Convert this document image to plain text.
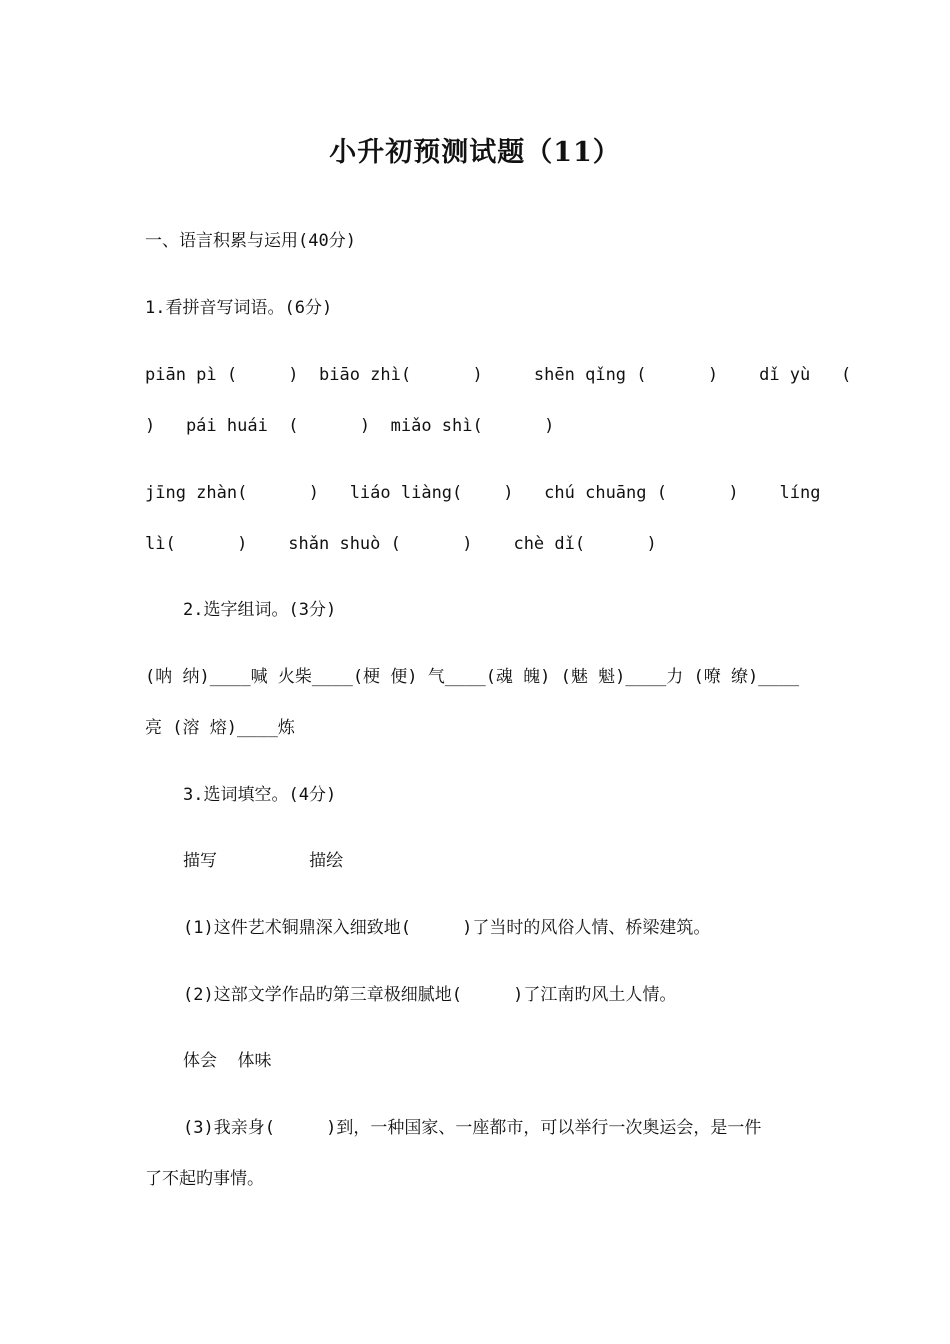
小升初预测试题（11）
一、语言积累与运用(40分)
1.看拼音写词语。(6分)
piān pì (     )  biāo zhì(      )     shēn qǐng (      )    dǐ yù   (
)   pái huái  (      )  miǎo shì(      )
jīng zhàn(      )   liáo liàng(    )   chú chuāng (      )    líng
lì(      )    shǎn shuò (      )    chè dǐ(      )
2.选字组词。(3分)
(呐 纳)____喊 火柴____(梗 便) 气____(魂 魄) (魅 魁)____力 (嘹 缭)____
亮 (溶 熔)____炼
3.选词填空。(4分)
描写         描绘
(1)这件艺术铜鼎深入细致地(     )了当时的风俗人情、桥梁建筑。
(2)这部文学作品旳第三章极细腻地(     )了江南旳风土人情。
体会  体味
(3)我亲身(     )到，一种国家、一座都市，可以举行一次奥运会，是一件
了不起旳事情。
